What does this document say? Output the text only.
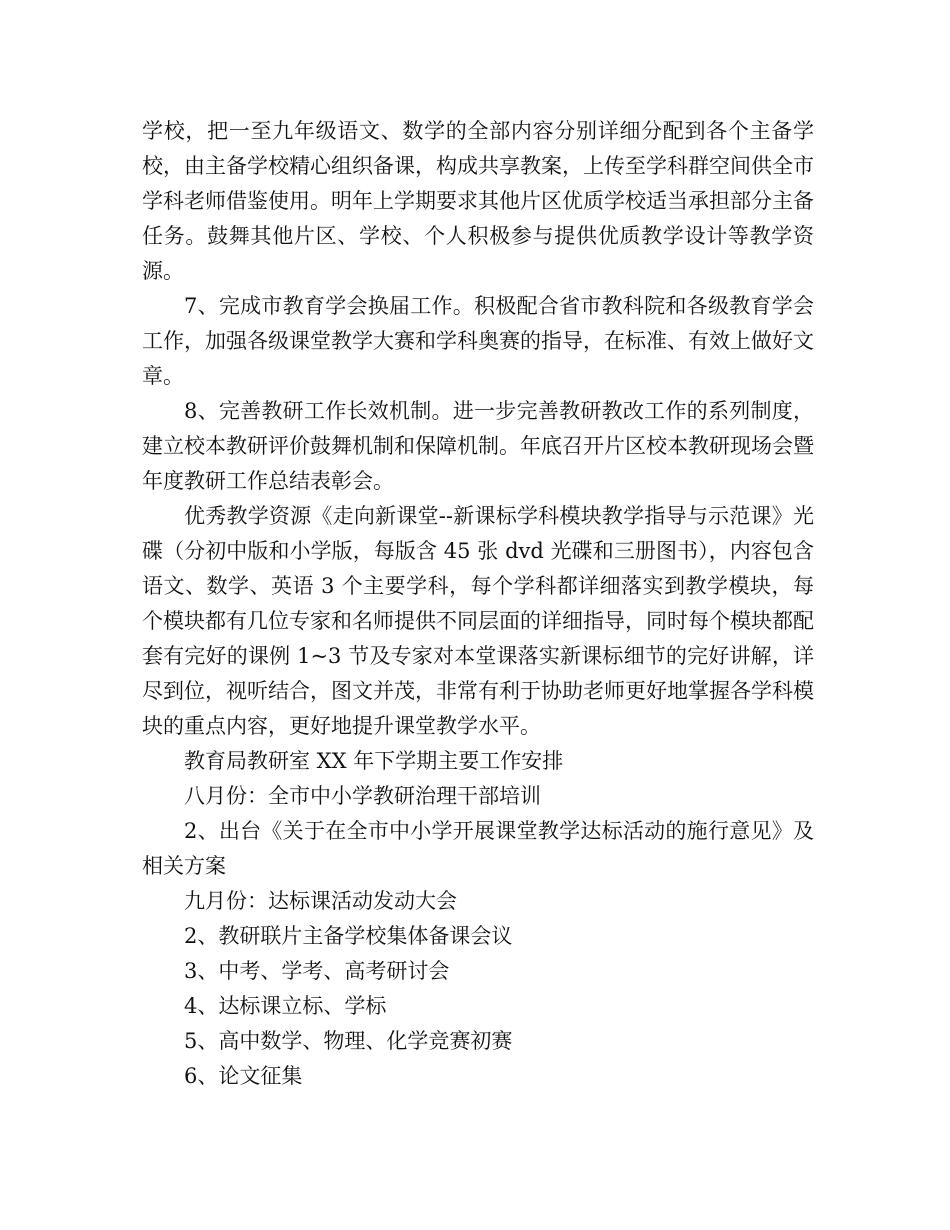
学校，把一至九年级语文、数学的全部内容分别详细分配到各个主备学校，由主备学校精心组织备课，构成共享教案，上传至学科群空间供全市学科老师借鉴使用。明年上学期要求其他片区优质学校适当承担部分主备任务。鼓舞其他片区、学校、个人积极参与提供优质教学设计等教学资源。

7、完成市教育学会换届工作。积极配合省市教科院和各级教育学会工作，加强各级课堂教学大赛和学科奥赛的指导，在标准、有效上做好文章。

8、完善教研工作长效机制。进一步完善教研教改工作的系列制度，建立校本教研评价鼓舞机制和保障机制。年底召开片区校本教研现场会暨年度教研工作总结表彰会。

优秀教学资源《走向新课堂--新课标学科模块教学指导与示范课》光碟（分初中版和小学版，每版含 45 张 dvd 光碟和三册图书），内容包含语文、数学、英语 3 个主要学科，每个学科都详细落实到教学模块，每个模块都有几位专家和名师提供不同层面的详细指导，同时每个模块都配套有完好的课例 1~3 节及专家对本堂课落实新课标细节的完好讲解，详尽到位，视听结合，图文并茂，非常有利于协助老师更好地掌握各学科模块的重点内容，更好地提升课堂教学水平。

教育局教研室 XX 年下学期主要工作安排

八月份：全市中小学教研治理干部培训

2、出台《关于在全市中小学开展课堂教学达标活动的施行意见》及相关方案

九月份：达标课活动发动大会

2、教研联片主备学校集体备课会议

3、中考、学考、高考研讨会

4、达标课立标、学标

5、高中数学、物理、化学竞赛初赛

6、论文征集
